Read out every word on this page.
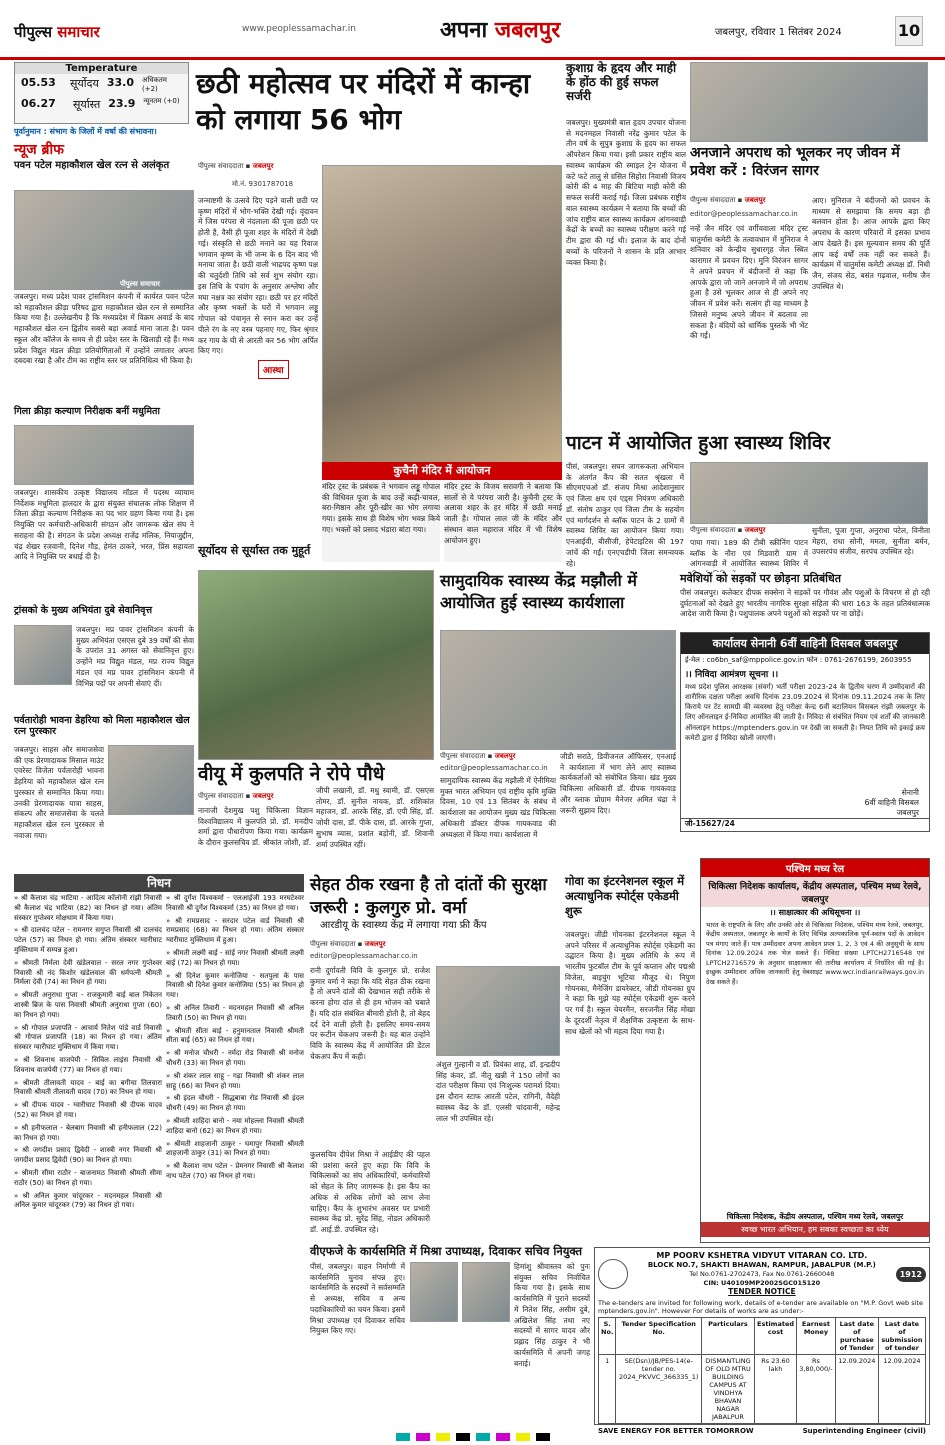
पीपुल्स समाचार	www.peoplessamachar.in	अपना जबलपुर	जबलपुर, रविवार 1 सितंबर 2024	10
Temperature
05.53	सूर्योदय 33.0 अधिकतम (+2)
06.27	सूर्यास्त 23.9 न्यूनतम (+0)
पूर्वानुमान : संभाग के जिलों में वर्षा की संभावना।
न्यूज ब्रीफ
पवन पटेल महाकौशल खेल रत्न से अलंकृत
पीपुल्स समाचार
जबलपुर। मध्य प्रदेश पावर ट्रांसमिशन कंपनी में कार्यरत पवन पटेल को महाकौशल क्रीड़ा परिषद द्वारा महाकौशल खेल रत्न से सम्मानित किया गया है। उल्लेखनीय है कि मध्यप्रदेश में विक्रम अवार्ड के बाद महाकौशल खेल रत्न द्वितीय सबसे बड़ा अवार्ड माना जाता है। पवन स्कूल और कॉलेज के समय से ही प्रदेश स्तर के खिलाड़ी रहे हैं। मध्य प्रदेश विद्युत मंडल क्रीड़ा प्रतियोगिताओं में उन्होंने लगातार अपना दबदबा रखा है और टीम का राष्ट्रीय स्तर पर प्रतिनिधित्व भी किया है।
गिला क्रीड़ा कल्याण निरीक्षक बनीं मधुमिता
जबलपुर। शासकीय उत्कृष्ट विद्यालय मॉडल में पदस्थ व्यायाम निर्देशक मधुमिता हालदार के द्वारा संयुक्त संचालक लोक शिक्षण में जिला क्रीड़ा कल्याण निरीक्षक का पद भार ग्रहण किया गया है। इस नियुक्ति पर कर्मचारी-अधिकारी संगठन और जागरूक खेल संघ ने सराहना की है। संगठन के प्रदेश अध्यक्ष राजेंद्र मलिक, नियाजुद्दीन, चंद्र शेखर रजवानी, दिनेश गौड़, हेमंत ठाकरे, भरत, प्रिंस सहायता आदि ने नियुक्ति पर बधाई दी है।
ट्रांसको के मुख्य अभियंता दुबे सेवानिवृत्त
जबलपुर। मप्र पावर ट्रांसमिशन कंपनी के मुख्य अभियंता एसएस दुबे 39 वर्षों की सेवा के उपरांत 31 अगस्त को सेवानिवृत्त हुए। उन्होंने मप्र विद्युत मंडल, मप्र राज्य विद्युत मंडल एवं मप्र पावर ट्रांसमिशन कंपनी में विभिन्न पदों पर अपनी सेवाएं दीं।
पर्वतारोही भावना डेहरिया को मिला महाकौशल खेल रत्न पुरस्कार
जबलपुर। साहस और समाजसेवा की एक प्रेरणादायक मिसाल माउंट एवरेस्ट विजेता पर्वतारोही भावना डेहरिया को महाकौशल खेल रत्न पुरस्कार से सम्मानित किया गया। उनकी प्रेरणादायक यात्रा साहस, संकल्प और समाजसेवा के चलते महाकौशल खेल रत्न पुरस्कार से नवाजा गया।
छठी महोत्सव पर मंदिरों में कान्हा को लगाया 56 भोग
पीपुल्स संवाददाता ▪ जबलपुर
मो.नं. 9301787018
जन्माष्टमी के उत्सवे दिए पड़ने वाली छठी पर कृष्ण मंदिरों में भोग-भक्ति देखी गई। वृंदावन में जिस परंपरा से नंदलाला की पूजा छठी पर होती है, वैसी ही पूजा शहर के मंदिरों में देखी गई। संस्कृति से छठी मनाने का यह रिवाज भगवान कृष्ण के भी जन्म के 6 दिन बाद भी मनाया जाता है। छठी वाली भाद्रपद कृष्ण पक्ष की चतुर्दशी तिथि को सर्व शुभ संयोग रहा। इस तिथि के पंचांग के अनुसार अश्लेषा और मघा नक्षत्र का संयोग रहा। छठी पर हर मंदिरों और कृष्ण भक्तों के घरों में भगवान लड्डू गोपाल को पंचामृत से स्नान करा कर उन्हें पीले रंग के नए वस्त्र पहनाए गए, फिर श्रृंगार कर गाय के घी से आरती कर 56 भोग अर्पित किए गए।
सूर्योदय से सूर्यास्त तक मुहूर्त
कुचैनी मंदिर में आयोजन
आस्था
मंदिर ट्रस्ट के प्रबंधक ने भगवान लड्डू गोपाल की विधिवत पूजा के बाद उन्हें कढ़ी-चावल, बरा-मिष्ठान और पूरी-खीर का भोग लगाया गया। इसके साथ ही विशेष भोग भवन्न किये गए। भक्तों को प्रसाद भंडारा बांटा गया।
मंदिर ट्रस्ट के विजय सरावगी ने बताया कि सालों से ये परंपरा जारी है। कुचैनी ट्रस्ट के अलावा शहर के हर मंदिर में छठी मनाई जाती है। गोपाल लाल जी के मंदिर और संस्थान बाल महाराज मंदिर में भी विशेष आयोजन हुए।
कुशाग्र के हृदय और माही के होंठ की हुई सफल सर्जरी
जबलपुर। मुख्यमंत्री बाल हृदय उपचार योजना से मदनमहल निवासी नरेंद्र कुमार पटेल के तीन वर्ष के सुपुत्र कुशाग्र के हृदय का सफल ऑपरेशन किया गया। इसी प्रकार राष्ट्रीय बाल स्वास्थ्य कार्यक्रम की स्माइल ट्रेन योजना में कटे फटे तालु से ग्रसित सिहोरा निवासी विजय कोरी की 4 माह की बिटिया माही कोरी की सफल सर्जरी कराई गई। जिला प्रबंधक राष्ट्रीय बाल स्वास्थ्य कार्यक्रम ने बताया कि बच्चों की जांच राष्ट्रीय बाल स्वास्थ्य कार्यक्रम आंगनबाड़ी केंद्रों के बच्चों का स्वास्थ्य परीक्षण करने गई टीम द्वारा की गई थी। इलाज के बाद दोनों बच्चों के परिजनों ने शासन के प्रति आभार व्यक्त किया है।
अनजाने अपराध को भूलकर नए जीवन में प्रवेश करें : विरंजन सागर
पीपुल्स संवाददाता ▪ जबलपुर
editor@peoplessamachar.co.in
नन्हें जैन मंदिर एवं वर्गीयवाला मंदिर ट्रस्ट चातुर्मास कमेटी के तत्वावधान में मुनिराज ने शनिवार को केन्द्रीय सुधारगृह जेल स्थित कारागार में प्रवचन दिए। मुनि विरंजन सागर ने अपने प्रवचन में बंदीजनों से कहा कि आपके द्वारा जो जाने अनजाने में जो अपराध हुआ है उसे भूलकर आज से ही अपने नए जीवन में प्रवेश करें। सत्संग ही वह माध्यम है जिससे मनुष्य अपने जीवन में बदलाव ला सकता है। बंदियों को धार्मिक पुस्तकें भी भेंट की गईं।
आए। मुनिराज ने बंदीजनों को प्रवचन के माध्यम से समझाया कि समय बड़ा ही बलवान होता है। आज आपके द्वारा किए अपराध के कारण परिवारों में इसका प्रभाव आप देखते हैं। इस मूल्यवान समय की पूर्ति आप कई वर्षों तक नहीं कर सकते हैं। कार्यक्रम में चातुर्मास कमेटी अध्यक्ष डॉ. निधी जैन, संजय सेठ, बसंत गढ़वाल, मनीष जैन उपस्थित थे।
पाटन में आयोजित हुआ स्वास्थ्य शिविर
पीसं, जबलपुर। सघन जागरूकता अभियान के अंतर्गत कैंप की सतत श्रृंखला में सीएमएचओ डॉ. संजय मिश्रा आदेशानुसार एवं जिला क्षय एवं एड्स नियंत्रण अधिकारी डॉ. संतोष ठाकुर एवं जिला टीम के सहयोग एवं मार्गदर्शन से ब्लॉक पाटन के 2 ग्रामों में स्वास्थ्य शिविर का आयोजन किया गया। एनआईवी, बीसीजी, हेपेटाइटिस की 197 जांचें की गईं। एनएचडीपी जिला समन्वयक रहे।
पीपुल्स संवाददाता ▪ जबलपुर
पाया गया। 189 की टीबी स्क्रीनिंग पाटन ब्लॉक के नौरा एवं मिडवारी ग्राम में आंगनवाड़ी में आयोजित स्वास्थ्य शिविर में
सुनीता, पूजा गुप्ता, अनुराधा पटेल, विनीता मेहरा, राधा सोनी, ममता, सुनीता बर्मन, उपसरपंच संजीव, सरपंच उपस्थित रहे।
मवेशियों को सड़कों पर छोड़ना प्रतिबंधित
पीसं जबलपुर। कलेक्टर दीपक सक्सेना ने सड़कों पर गौवंश और पशुओं के विचरण से हो रही दुर्घटनाओं को देखते हुए भारतीय नागरिक सुरक्षा संहिता की धारा 163 के तहत प्रतिबंधात्मक आदेश जारी किया है। पशुपालक अपने पशुओं को सड़कों पर ना छोड़ें।
कार्यालय सेनानी 6वीं वाहिनी विसबल जबलपुर
ई-मेल : co6bn_saf@mppolice.gov.in फोन : 0761-2676199, 2603955
।। निविदा आमंत्रण सूचना ।।
मध्य प्रदेश पुलिस आरक्षक (संवर्ग) भर्ती परीक्षा 2023-24 के द्वितीय चरण में उम्मीदवारों की शारीरिक दक्षता परीक्षा अवधि दिनांक 23.09.2024 से दिनांक 09.11.2024 तक के लिए किराये पर टेंट सामग्री की व्यवस्था हेतु परीक्षा केन्द्र 6वीं बटालियन विसबल रांझी जबलपुर के लिए ऑनलाइन ई-निविदा आमंत्रित की जाती है। निविदा से संबंधित नियम एवं शर्तों की जानकारी ऑनलाइन https://mptenders.gov.in पर देखी जा सकती है। नियत तिथि को इकाई क्रय कमेटी द्वारा ई निविदा खोली जाएगी।
सेनानी
6वीं वाहिनी विसबल
जबलपुर
जी-15627/24
वीयू में कुलपति ने रोपे पौधे
पीपुल्स संवाददाता ▪ जबलपुर
नानाजी देशमुख पशु चिकित्सा विज्ञान विश्वविद्यालय में कुलपति प्रो. डॉ. मनदीप शर्मा द्वारा पौधारोपण किया गया। कार्यक्रम के दौरान कुलसचिव डॉ. श्रीकांत जोशी, डॉ.
जीपी लखानी, डॉ. मधु स्वामी, डॉ. एसएस तोमर, डॉ. सुनील नायक, डॉ. शशिकांत महाजन, डॉ. आरके सिंह, डॉ. एपी सिंह, डॉ. जोयी दास, डॉ. पीके दास, डॉ. आरके गुप्ता, सुभाष व्यास, प्रशांत बड़ोनी, डॉ. शिवानी शर्मा उपस्थित रहीं।
सामुदायिक स्वास्थ्य केंद्र मझौली में आयोजित हुई स्वास्थ्य कार्यशाला
पीपुल्स संवाददाता ▪ जबलपुर
editor@peoplessamachar.co.in
सामुदायिक स्वास्थ्य केंद्र मझौली में ऐनीमिया मुक्त भारत अभियान एवं राष्ट्रीय कृमि मुक्ति दिवस, 10 एवं 13 सितंबर के संबंध में कार्यशाला का आयोजन मुख्य खंड चिकित्सा अधिकारी डॉक्टर दीपक गायकवाड की अध्यक्षता में किया गया। कार्यशाला में
जीडी सराठे, डिवीजनल ऑफिसर, एनआई ने कार्यशाला में भाग लेने आए स्वास्थ्य कार्यकर्ताओं को संबोधित किया। खंड मुख्य चिकित्सा अधिकारी डॉ. दीपक गायकवाड़ और ब्लाक प्रोग्राम मैनेजर अमित चंद्रा ने जरूरी सुझाव दिए।
निधन
» श्री कैलाश चंद्र भाटिया - आदित्य कॉलोनी रांझी निवासी श्री कैलाश चंद्र भाटिया (82) का निधन हो गया। अंतिम संस्कार गुप्तेश्वर मोक्षधाम में किया गया।
» श्री दालचंद पटेल - रामनगर सगुप्त निवासी श्री दालचंद पटेल (57) का निधन हो गया। अंतिम संस्कार ग्वारीघाट मुक्तिधाम में सम्पन्न हुआ।
» श्रीमती निर्मला देवी खंडेलवाल - सरल नगर गुप्तेश्वर निवासी श्री नंद किशोर खंडेलवाल की धर्मपत्नी श्रीमती निर्मला देवी (74) का निधन हो गया।
» श्रीमती अनुराधा गुप्ता - राजकुमारी बाई बाल निकेतन शास्त्री ब्रिज के पास निवासी श्रीमती अनुराधा गुप्ता (60) का निधन हो गया।
» श्री गोपाल प्रजापति - आचार्य नितेश पांडे वार्ड निवासी श्री गोपाल प्रजापति (18) का निधन हो गया। अंतिम संस्कार ग्वारीघाट मुक्तिधाम में किया गया।
» श्री शिवनाथ वाजपेयी - सिविल लाइंस निवासी श्री शिवनाथ वाजपेयी (77) का निधन हो गया।
» श्रीमती तीलावती यादव - बाई का बगीचा तिलवारा निवासी श्रीमती तीलावती यादव (70) का निधन हो गया।
» श्री दीपक यादव - ग्वारीघाट निवासी श्री दीपक यादव (52) का निधन हो गया।
» श्री हनीफलाल - बेलबाग निवासी श्री हनीफलाल (22) का निधन हो गया।
» श्री जगदीश प्रसाद द्विवेदी - शास्त्री नगर निवासी श्री जगदीश प्रसाद द्विवेदी (90) का निधन हो गया।
» श्रीमती सीमा राठौर - बाजनामठ निवासी श्रीमती सीमा राठौर (50) का निधन हो गया।
» श्री अनिल कुमार चांदूरकर - मदनमहल निवासी श्री अनिल कुमार चांदूरकर (79) का निधन हो गया।
» श्री दुर्गेश विश्वकर्मा - एलआईजी 193 मरघटेश्वर निवासी श्री दुर्गेश विश्वकर्मा (35) का निधन हो गया।
» श्री रामप्रसाद - सरदार पटेल वार्ड निवासी श्री रामप्रसाद (68) का निधन हो गया। अंतिम संस्कार ग्वारीघाट मुक्तिधाम में हुआ।
» श्रीमती लक्ष्मी बाई - सांई नगर निवासी श्रीमती लक्ष्मी बाई (72) का निधन हो गया।
» श्री दिनेश कुमार कनोजिया - सतपुला के पास निवासी श्री दिनेश कुमार कनोजिया (55) का निधन हो गया।
» श्री अनिल तिवारी - मदनमहल निवासी श्री अनिल तिवारी (50) का निधन हो गया।
» श्रीमती सीता बाई - हनुमानताल निवासी श्रीमती सीता बाई (65) का निधन हो गया।
» श्री मनोज चौधरी - नर्मदा रोड निवासी श्री मनोज चौधरी (33) का निधन हो गया।
» श्री शंकर लाल साहू - गढ़ा निवासी श्री शंकर लाल साहू (66) का निधन हो गया।
» श्री इंदल चौधरी - सिद्धबाबा रोड निवासी श्री इंदल चौधरी (49) का निधन हो गया।
» श्रीमती शाहिदा बानो - नया मोहल्ला निवासी श्रीमती शाहिदा बानो (62) का निधन हो गया।
» श्रीमती शाहजानी ठाकुर - घमापुर निवासी श्रीमती शाहजानी ठाकुर (31) का निधन हो गया।
» श्री कैलाश नाथ पटेल - प्रेमनगर निवासी श्री कैलाश नाथ पटेल (70) का निधन हो गया।
सेहत ठीक रखना है तो दांतों की सुरक्षा जरूरी : कुलगुरु प्रो. वर्मा
आरडीयू के स्वास्थ्य केंद्र में लगाया गया फ्री कैंप
पीपुल्स संवाददाता ▪ जबलपुर
editor@peoplessamachar.co.in
रानी दुर्गावती विवि के कुलगुरु प्रो. राजेश कुमार वर्मा ने कहा कि यदि सेहत ठीक रखना है तो अपने दांतों की देखभाल सही तरीके से करना होगा दांत से ही हम भोजन को चबाते हैं। यदि दांत संबंधित बीमारी होती है, तो बेहद दर्द देने वाली होती है। इसलिए समय-समय पर रूटीन चेकअप जरूरी है। यह बात उन्होंने विवि के स्वास्थ्य केंद्र में आयोजित फ्री डेंटल चेकअप कैंप में कही।
कुलसचिव दीपेश मिश्रा ने आईडीए की पहल की प्रशंसा करते हुए कहा कि विवि के चिकित्सकों का संघ अधिकारियों, कर्मचारियों को सेहत के लिए जागरूक है। इस कैंप का अधिक से अधिक लोगों को लाभ लेना चाहिए। कैंप के शुभारंभ अवसर पर प्रभारी स्वास्थ्य केंद्र प्रो. सुरेंद्र सिंह, नोडल अधिकारी डॉ. आई.डी. उपस्थित रहे।
अंशुल गुल्हानी व डॉ. प्रियंका शाह, डॉ. इन्द्रदीप सिंह कंवर, डॉ. नीतू खन्नी ने 150 लोगों का दांत परीक्षण किया एवं निःशुल्क परामर्श दिया। इस दौरान स्टाफ आरती पटेल, रागिनी, वैदेही स्वास्थ्य केंद्र के डॉ. एलसी चांदवानी, महेन्द्र लाल भी उपस्थित रहे।
गोवा का इंटरनेशनल स्कूल में अत्याधुनिक स्पोर्ट्स एकेडमी शुरू
जबलपुर। जीडी गोयनका इंटरनेशनल स्कूल ने अपने परिसर में अत्याधुनिक स्पोर्ट्स एकेडमी का उद्घाटन किया है। मुख्य अतिथि के रूप में भारतीय फुटबॉल टीम के पूर्व कप्तान और पद्मश्री विजेता, बाइचुंग भूटिया मौजूद थे। निपुण गोयनका, मैनेजिंग डायरेक्टर, जीडी गोयनका ग्रुप ने कहा कि मुझे यह स्पोर्ट्स एकेडमी शुरू करने पर गर्व है। स्कूल चेयरमैन, सरजनीत सिंह मोखा के दूरदर्शी नेतृत्व में शैक्षणिक उत्कृष्टता के साथ-साथ खेलों को भी महत्व दिया गया है।
पश्चिम मध्य रेल
चिकित्सा निदेशक कार्यालय, केंद्रीय अस्पताल, पश्चिम मध्य रेलवे, जबलपुर
।। साक्षात्कार की अधिसूचना ।।
भारत के राष्ट्रपति के लिए और उनकी ओर से चिकित्सा निदेशक, पश्चिम मध्य रेलवे, जबलपुर, केंद्रीय अस्पताल, जबलपुर के कार्यों के लिए विभिन्न अल्पकालिक पूर्ण-स्वतंत्र पदों के आवेदन पत्र मंगाए जाते हैं। पात्र उम्मीदवार अपना आवेदन प्रपत्र 1, 2, 3 एवं 4 की अनुसूची के साथ दिनांक 12.09.2024 तक भेज सकते हैं। निविदा संख्या LPTCH2716548 एवं LPTCH2716579 के अनुसार साक्षात्कार की तारीख कार्यालय में निर्धारित की गई है। इच्छुक उम्मीदवार अधिक जानकारी हेतु वेबसाइट www.wcr.indianrailways.gov.in देख सकते हैं।
चिकित्सा निदेशक, केंद्रीय अस्पताल, पश्चिम मध्य रेलवे, जबलपुर
स्वच्छ भारत अभियान, हम सबका स्वच्छता का ध्येय
वीएफजे के कार्यसमिति में मिश्रा उपाध्यक्ष, दिवाकर सचिव नियुक्त
पीसं, जबलपुर। वाहन निर्माणी में कार्यसमिति चुनाव संपन्न हुए। कार्यसमिति के सदस्यों ने सर्वसम्मति से अध्यक्ष, सचिव व अन्य पदाधिकारियों का चयन किया। इसमें मिश्रा उपाध्यक्ष एवं दिवाकर सचिव नियुक्त किए गए।
हिमांशु श्रीवास्तव को पुनः संयुक्त सचिव निर्वाचित किया गया है। इसके साथ कार्यसमिति में पुराने सदस्यों में नितेश सिंह, असीम दुबे, अखिलेश सिंह तथा नए सदस्यों में सागर यादव और प्रह्लाद सिंह ठाकुर ने भी कार्यसमिति में अपनी जगह बनाई।
MP POORV KSHETRA VIDYUT VITARAN CO. LTD.
BLOCK NO.7, SHAKTI BHAWAN, RAMPUR, JABALPUR (M.P.)
Tel No.0761-2702473, Fax No.0761-2660048
CIN: U40109MP2002SGC015120
TENDER NOTICE
1912
The e-tenders are invited for following work, details of e-tender are available on "M.P. Govt web site mptenders.gov.in". However For details of works are as under:-
S. No.	Tender Specification No.	Particulars	Estimated cost	Earnest Money	Last date of purchase of Tender	Last date of submission of tender
1	SE(Dsn)/JB/PES-14(e-tender no. 2024_PKVVC_366335_1)	DISMANTLING OF OLD MTRU BUILDING CAMPUS AT VINDHYA BHAVAN NAGAR JABALPUR	Rs 23.60 lakh	Rs 3,80,000/-	12.09.2024	12.09.2024
SAVE ENERGY FOR BETTER TOMORROW	Superintending Engineer (civil)
